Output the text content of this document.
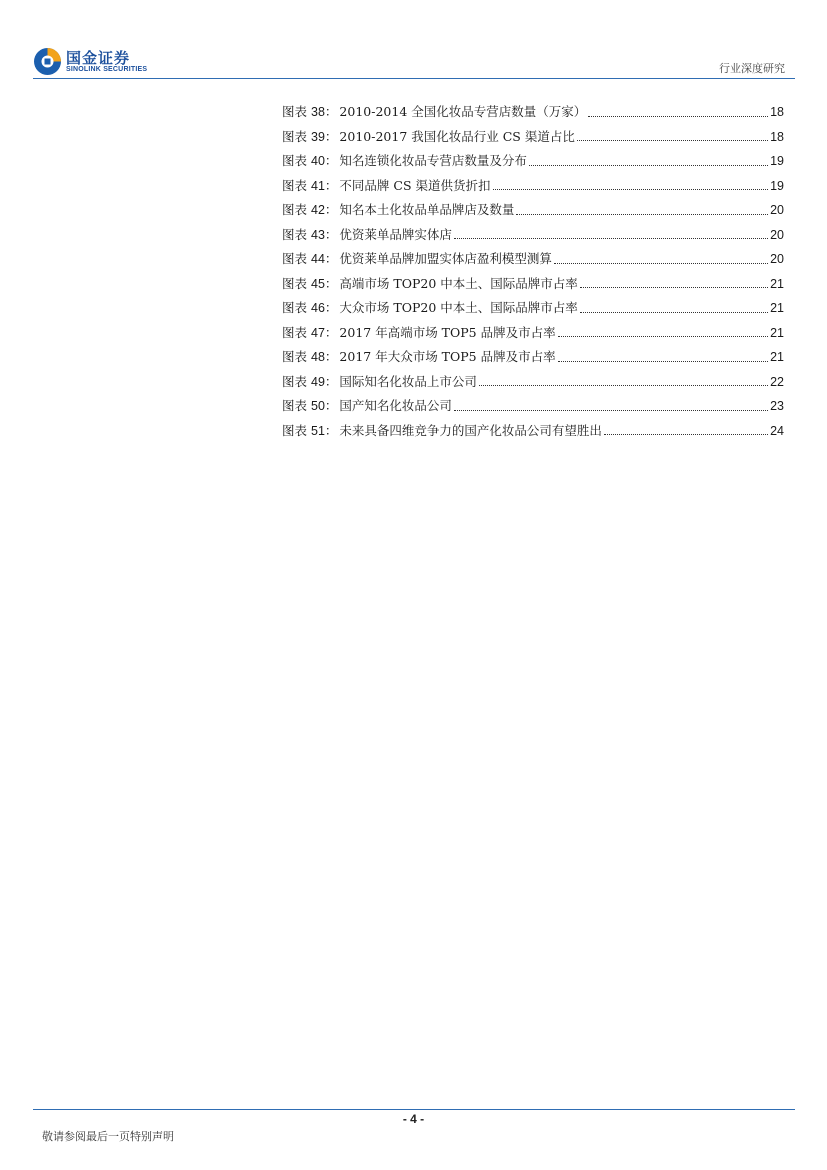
国金证券
SINOLINK SECURITIES	行业深度研究
图表 38： 2010-2014 全国化妆品专营店数量（万家）	18
图表 39： 2010-2017 我国化妆品行业 CS 渠道占比	18
图表 40： 知名连锁化妆品专营店数量及分布	19
图表 41： 不同品牌 CS 渠道供货折扣	19
图表 42： 知名本土化妆品单品牌店及数量	20
图表 43： 优资莱单品牌实体店	20
图表 44： 优资莱单品牌加盟实体店盈利模型测算	20
图表 45： 高端市场 TOP20 中本土、国际品牌市占率	21
图表 46： 大众市场 TOP20 中本土、国际品牌市占率	21
图表 47： 2017 年高端市场 TOP5 品牌及市占率	21
图表 48： 2017 年大众市场 TOP5 品牌及市占率	21
图表 49： 国际知名化妆品上市公司	22
图表 50： 国产知名化妆品公司	23
图表 51： 未来具备四维竞争力的国产化妆品公司有望胜出	24
- 4 -
敬请参阅最后一页特别声明
